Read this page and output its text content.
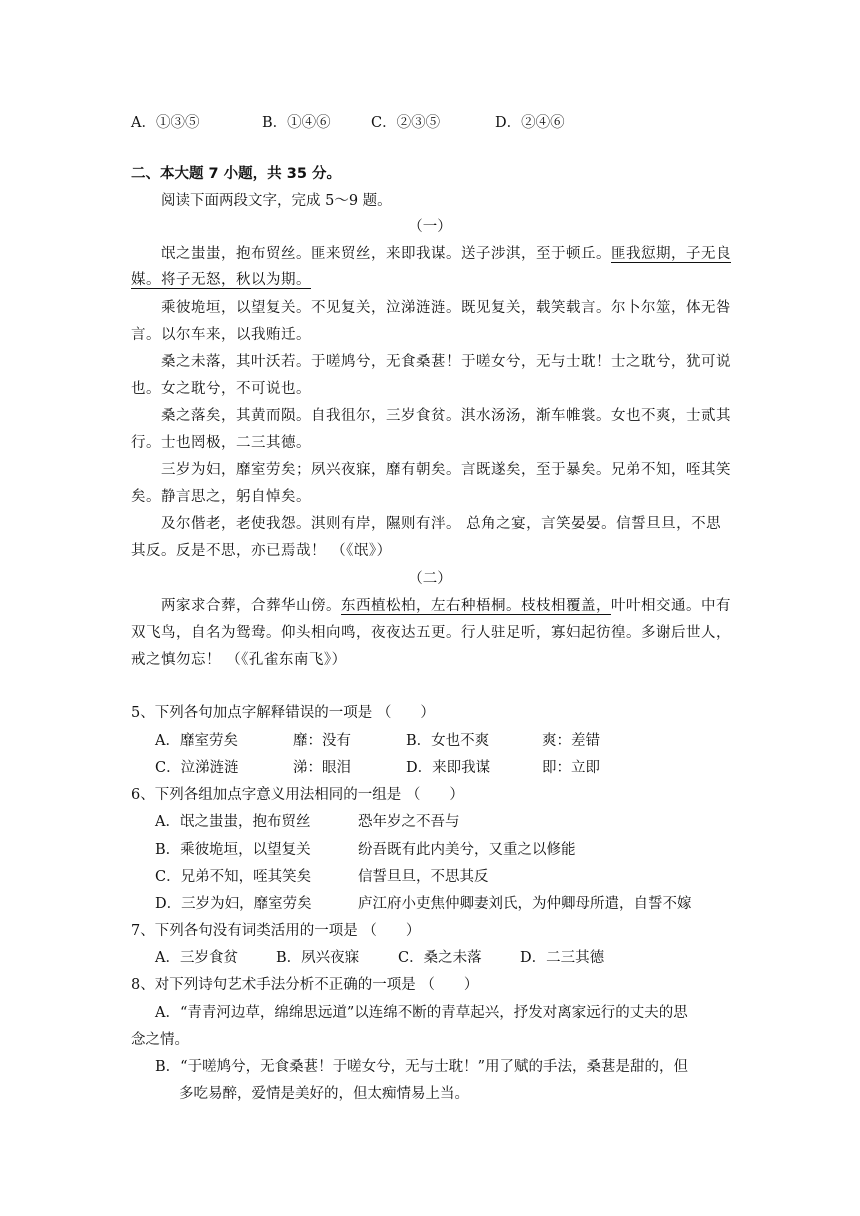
A．①③⑤	B．①④⑥	C．②③⑤	D．②④⑥
二、本大题 7 小题，共 35 分。
阅读下面两段文字，完成 5～9 题。
（一）
氓之蚩蚩，抱布贸丝。匪来贸丝，来即我谋。送子涉淇，至于顿丘。匪我愆期，子无良
媒。将子无怒，秋以为期。
乘彼垝垣，以望复关。不见复关，泣涕涟涟。既见复关，载笑载言。尔卜尔筮，体无咎
言。以尔车来，以我贿迁。
桑之未落，其叶沃若。于嗟鸠兮，无食桑葚！于嗟女兮，无与士耽！士之耽兮，犹可说
也。女之耽兮，不可说也。
桑之落矣，其黄而陨。自我徂尔，三岁食贫。淇水汤汤，渐车帷裳。女也不爽，士贰其
行。士也罔极，二三其德。
三岁为妇，靡室劳矣；夙兴夜寐，靡有朝矣。言既遂矣，至于暴矣。兄弟不知，咥其笑
矣。静言思之，躬自悼矣。
及尔偕老，老使我怨。淇则有岸，隰则有泮。 总角之宴，言笑晏晏。信誓旦旦，不思
其反。反是不思，亦已焉哉！ （《氓》）
（二）
两家求合葬，合葬华山傍。东西植松柏，左右种梧桐。枝枝相覆盖，叶叶相交通。中有
双飞鸟，自名为鸳鸯。仰头相向鸣，夜夜达五更。行人驻足听，寡妇起彷徨。多谢后世人，
戒之慎勿忘！ （《孔雀东南飞》）
5、下列各句加点字解释错误的一项是 （　　）
A．靡室劳矣	靡：没有	B．女也不爽	爽：差错
C．泣涕涟涟	涕：眼泪	D．来即我谋	即：立即
6、下列各组加点字意义用法相同的一组是 （　　）
A．氓之蚩蚩，抱布贸丝	恐年岁之不吾与
B．乘彼垝垣，以望复关	纷吾既有此内美兮，又重之以修能
C．兄弟不知，咥其笑矣	信誓旦旦，不思其反
D．三岁为妇，靡室劳矣	庐江府小吏焦仲卿妻刘氏，为仲卿母所遣，自誓不嫁
7、下列各句没有词类活用的一项是 （　　）
A．三岁食贫	B．夙兴夜寐	C．桑之未落	D．二三其德
8、对下列诗句艺术手法分析不正确的一项是 （　　）
A．“青青河边草，绵绵思远道”以连绵不断的青草起兴，抒发对离家远行的丈夫的思
念之情。
B．“于嗟鸠兮，无食桑葚！于嗟女兮，无与士耽！”用了赋的手法，桑葚是甜的，但
多吃易醉，爱情是美好的，但太痴情易上当。
